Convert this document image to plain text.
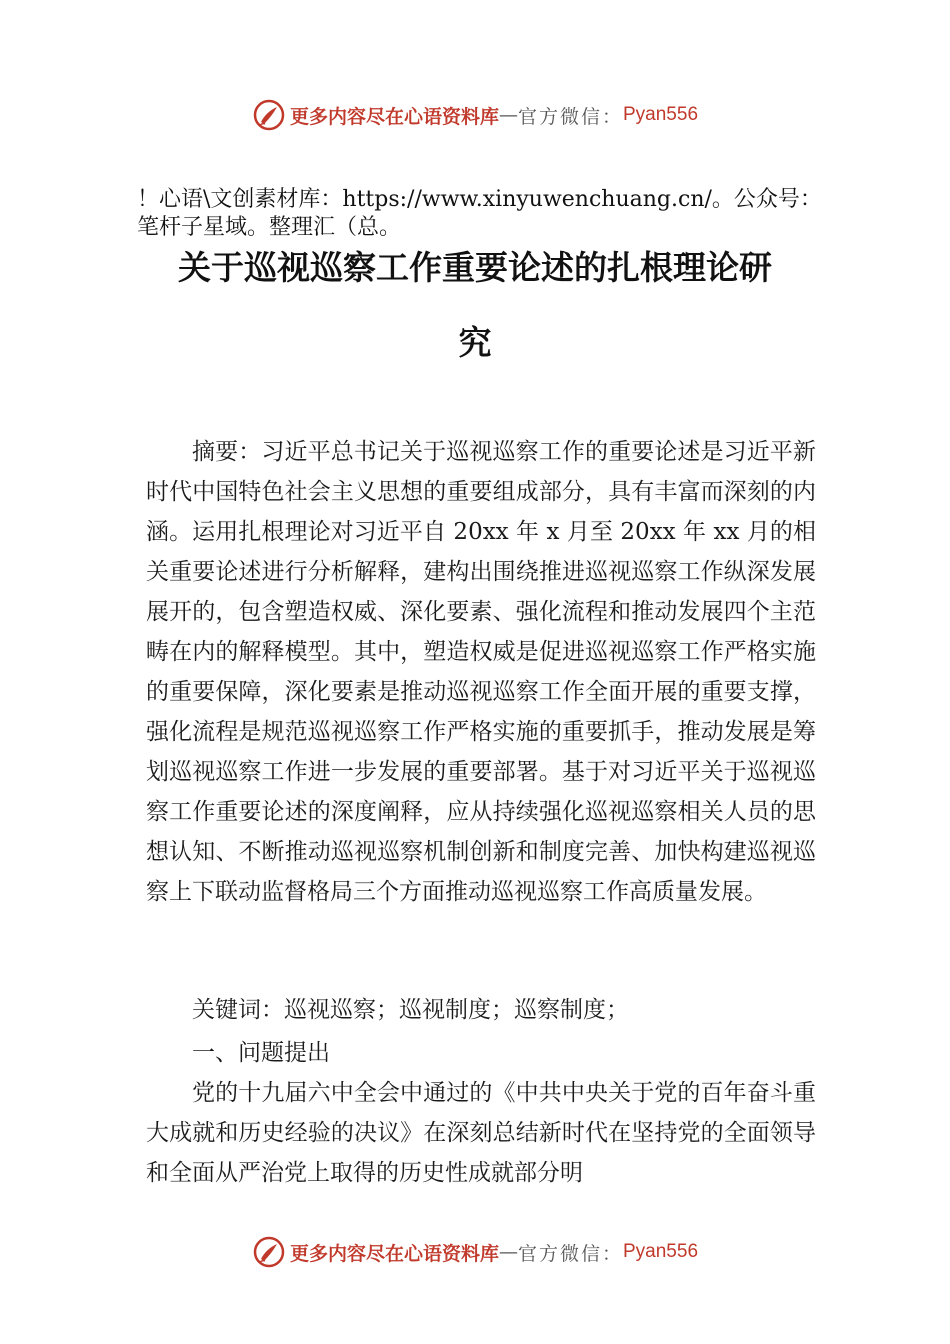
更多内容尽在心语资料库 — 官方微信： Pyan556
！心语\文创素材库：https://www.xinyuwenchuang.cn/。公众号：笔杆子星域。整理汇（总。
关于巡视巡察工作重要论述的扎根理论研
究

摘要：习近平总书记关于巡视巡察工作的重要论述是习近平新时代中国特色社会主义思想的重要组成部分，具有丰富而深刻的内涵。运用扎根理论对习近平自 20xx 年 x 月至 20xx 年 xx 月的相关重要论述进行分析解释，建构出围绕推进巡视巡察工作纵深发展展开的，包含塑造权威、深化要素、强化流程和推动发展四个主范畴在内的解释模型。其中，塑造权威是促进巡视巡察工作严格实施的重要保障，深化要素是推动巡视巡察工作全面开展的重要支撑，强化流程是规范巡视巡察工作严格实施的重要抓手，推动发展是筹划巡视巡察工作进一步发展的重要部署。基于对习近平关于巡视巡察工作重要论述的深度阐释，应从持续强化巡视巡察相关人员的思想认知、不断推动巡视巡察机制创新和制度完善、加快构建巡视巡察上下联动监督格局三个方面推动巡视巡察工作高质量发展。

关键词：巡视巡察；巡视制度；巡察制度；

一、问题提出

党的十九届六中全会中通过的《中共中央关于党的百年奋斗重大成就和历史经验的决议》在深刻总结新时代在坚持党的全面领导和全面从严治党上取得的历史性成就部分明

更多内容尽在心语资料库 — 官方微信： Pyan556
